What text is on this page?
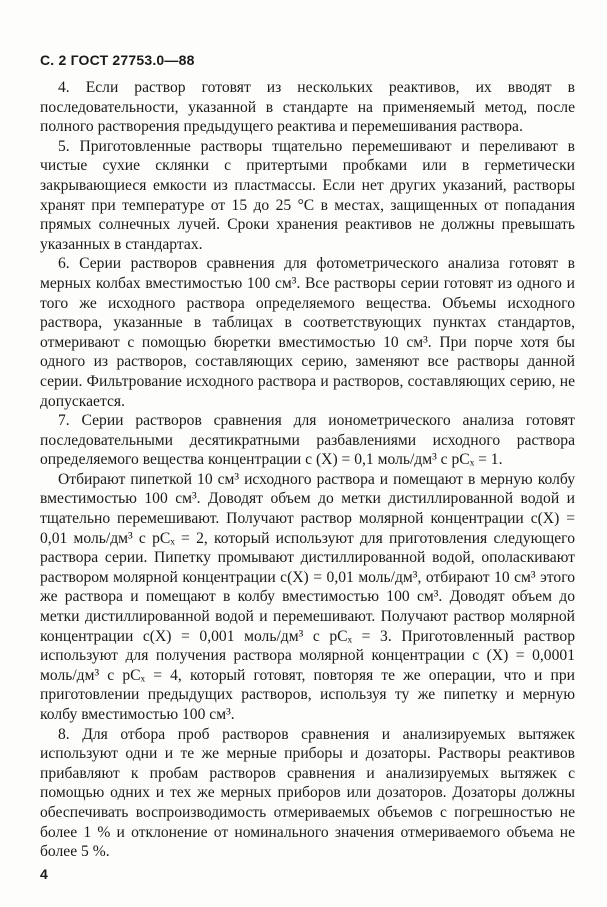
С. 2 ГОСТ 27753.0—88

4. Если раствор готовят из нескольких реактивов, их вводят в последовательности, указанной в стандарте на применяемый метод, после полного растворения предыдущего реактива и перемешивания раствора.

5. Приготовленные растворы тщательно перемешивают и переливают в чистые сухие склянки с притертыми пробками или в герметически закрывающиеся емкости из пластмассы. Если нет других указаний, растворы хранят при температуре от 15 до 25 °С в местах, защищенных от попадания прямых солнечных лучей. Сроки хранения реактивов не должны превышать указанных в стандартах.

6. Серии растворов сравнения для фотометрического анализа готовят в мерных колбах вместимостью 100 см³. Все растворы серии готовят из одного и того же исходного раствора определяемого вещества. Объемы исходного раствора, указанные в таблицах в соответствующих пунктах стандартов, отмеривают с помощью бюретки вместимостью 10 см³. При порче хотя бы одного из растворов, составляющих серию, заменяют все растворы данной серии. Фильтрование исходного раствора и растворов, составляющих серию, не допускается.

7. Серии растворов сравнения для ионометрического анализа готовят последовательными десятикратными разбавлениями исходного раствора определяемого вещества концентрации с (X) = 0,1 моль/дм³ с pCₓ = 1.

Отбирают пипеткой 10 см³ исходного раствора и помещают в мерную колбу вместимостью 100 см³. Доводят объем до метки дистиллированной водой и тщательно перемешивают. Получают раствор молярной концентрации с(X) = 0,01 моль/дм³ с pCₓ = 2, который используют для приготовления следующего раствора серии. Пипетку промывают дистиллированной водой, ополаскивают раствором молярной концентрации с(X) = 0,01 моль/дм³, отбирают 10 см³ этого же раствора и помещают в колбу вместимостью 100 см³. Доводят объем до метки дистиллированной водой и перемешивают. Получают раствор молярной концентрации с(X) = 0,001 моль/дм³ с pCₓ = 3. Приготовленный раствор используют для получения раствора молярной концентрации с (X) = 0,0001 моль/дм³ с pCₓ = 4, который готовят, повторяя те же операции, что и при приготовлении предыдущих растворов, используя ту же пипетку и мерную колбу вместимостью 100 см³.

8. Для отбора проб растворов сравнения и анализируемых вытяжек используют одни и те же мерные приборы и дозаторы. Растворы реактивов прибавляют к пробам растворов сравнения и анализируемых вытяжек с помощью одних и тех же мерных приборов или дозаторов. Дозаторы должны обеспечивать воспроизводимость отмериваемых объемов с погрешностью не более 1 % и отклонение от номинального значения отмериваемого объема не более 5 %.

4
